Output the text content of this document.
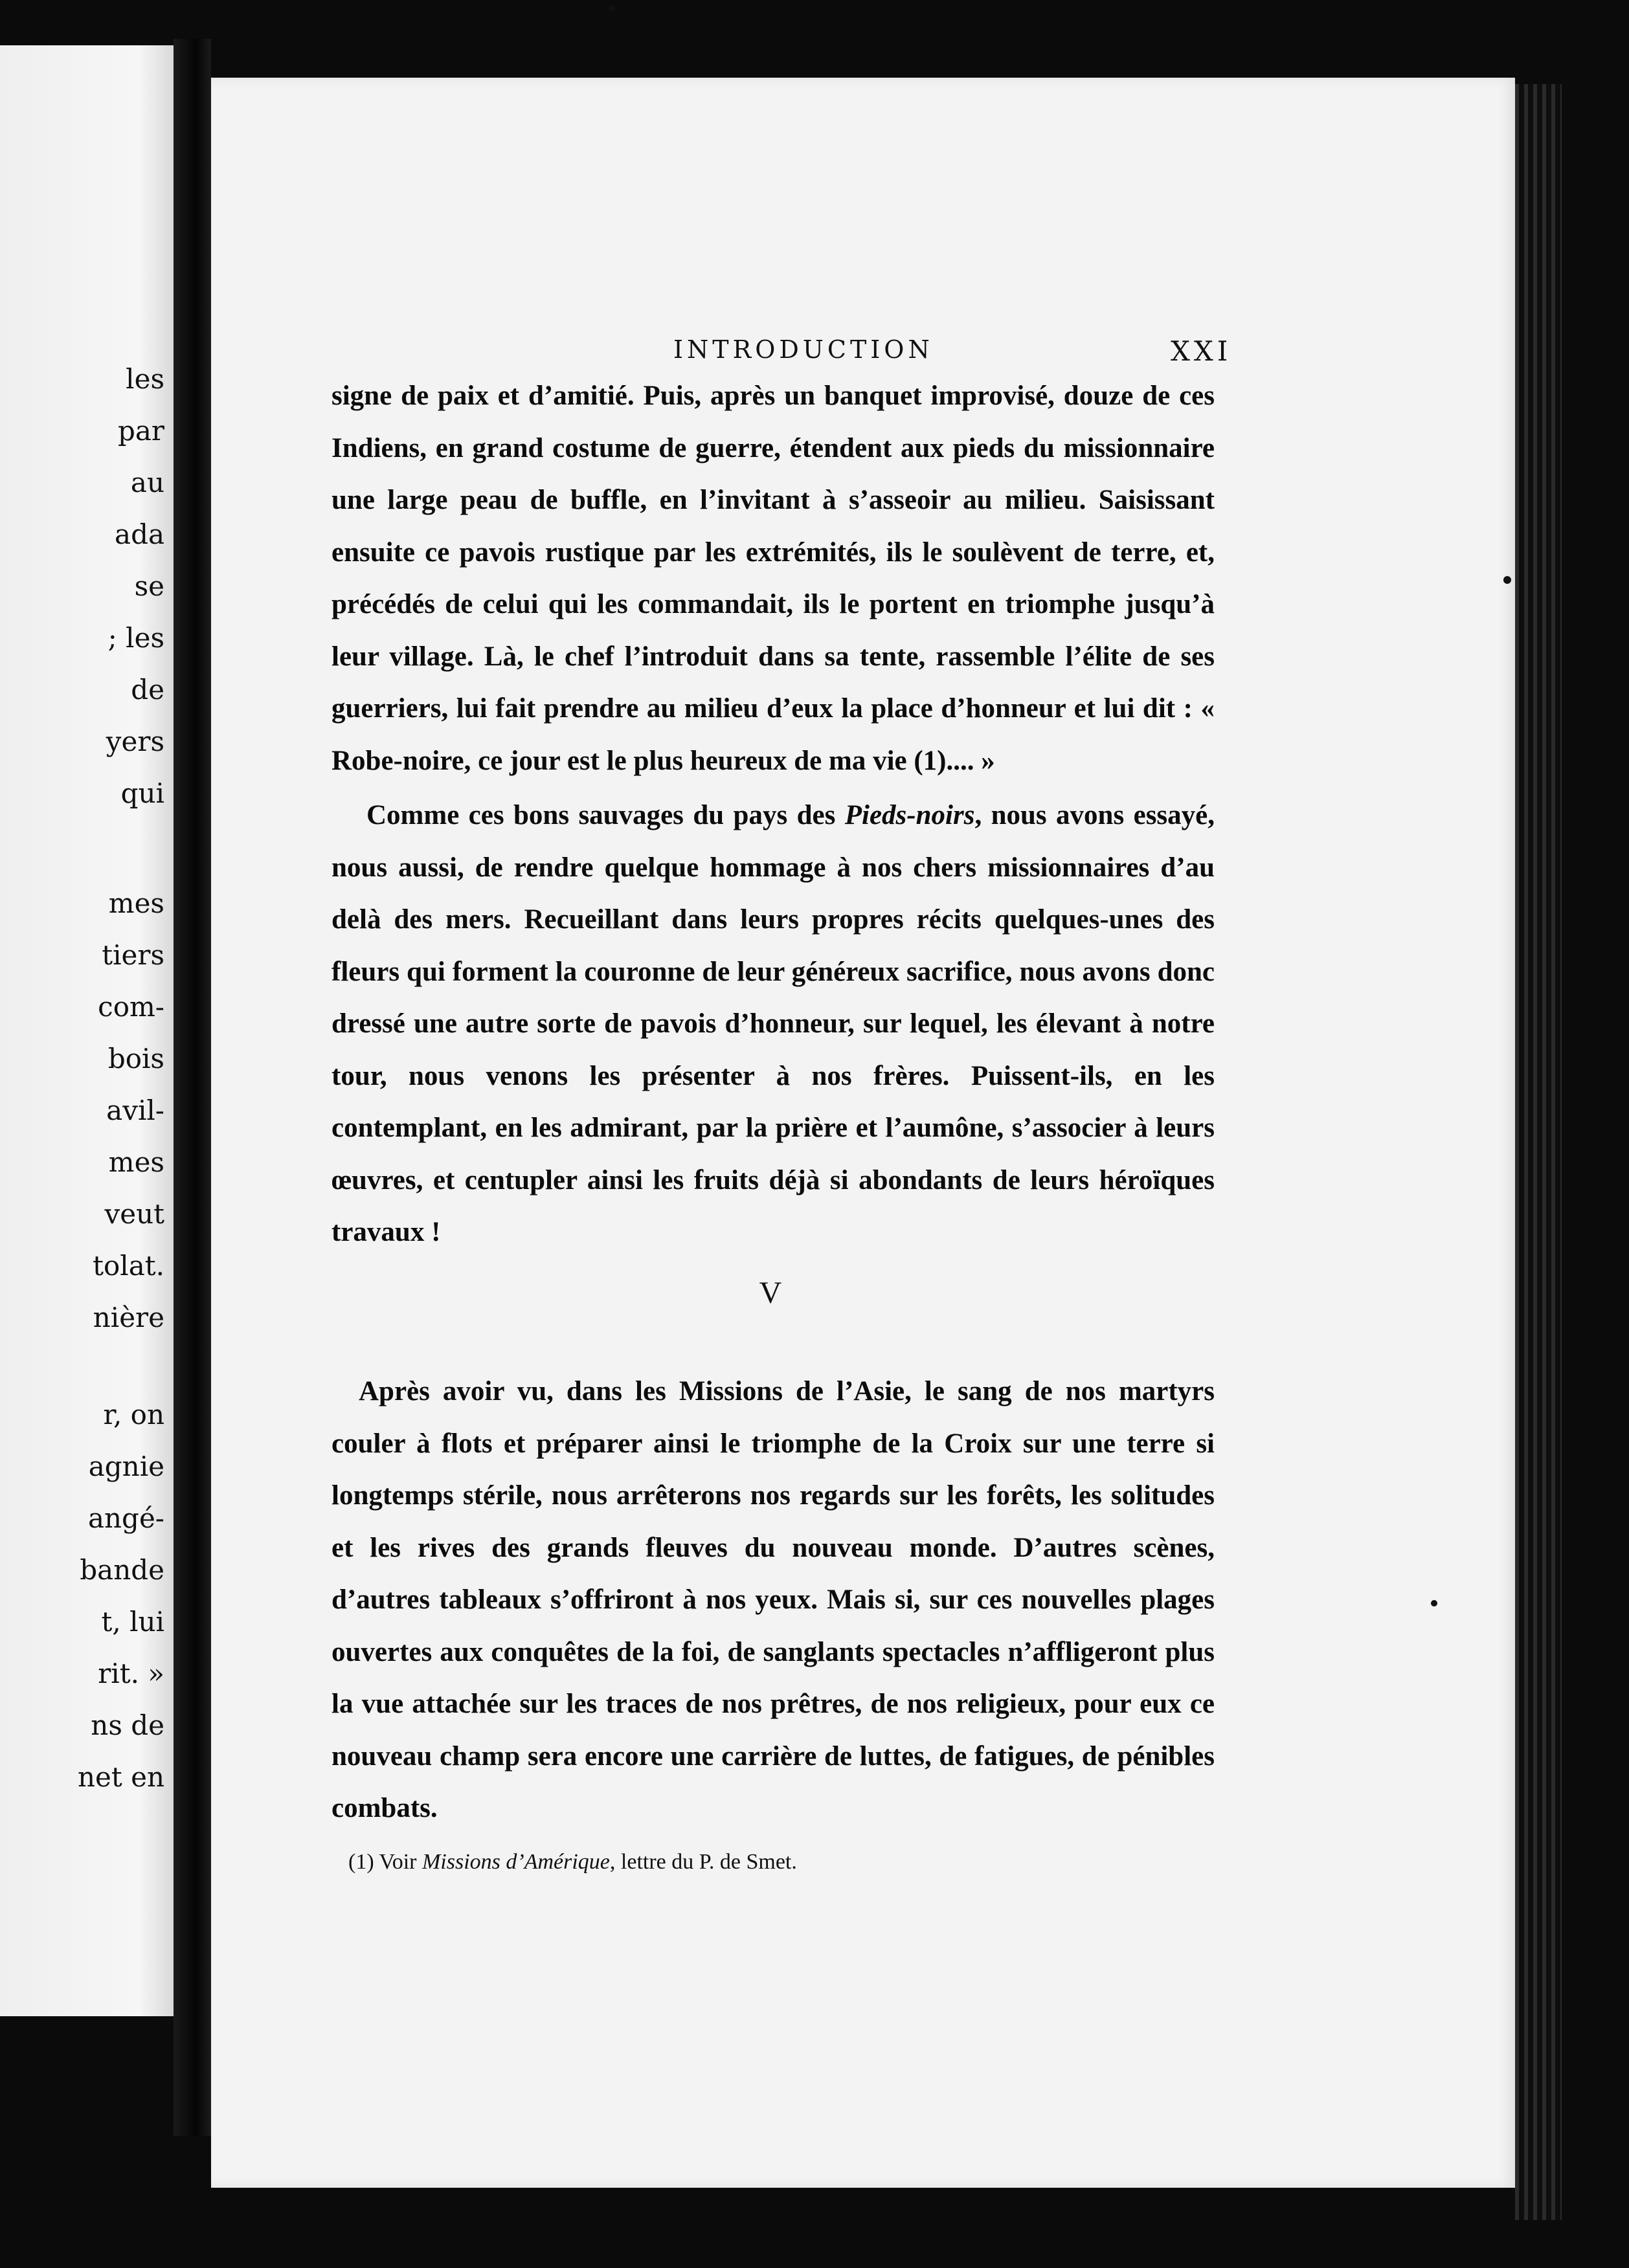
les
par
au
ada
se
; les
de
yers
qui
mes
tiers
com-
bois
avil-
mes
veut
tolat.
nière
r, on
agnie
angé-
bande
t, lui
rit. »
ns de
net en
INTRODUCTION	XXI

signe de paix et d’amitié. Puis, après un banquet improvisé, douze de ces Indiens, en grand costume de guerre, étendent aux pieds du missionnaire une large peau de buffle, en l’invitant à s’asseoir au milieu. Saisissant ensuite ce pavois rustique par les extrémités, ils le soulèvent de terre, et, précédés de celui qui les commandait, ils le portent en triomphe jusqu’à leur village. Là, le chef l’introduit dans sa tente, rassemble l’élite de ses guerriers, lui fait prendre au milieu d’eux la place d’honneur et lui dit : « Robe-noire, ce jour est le plus heureux de ma vie (1).... »

Comme ces bons sauvages du pays des Pieds-noirs, nous avons essayé, nous aussi, de rendre quelque hommage à nos chers missionnaires d’au delà des mers. Recueillant dans leurs propres récits quelques-unes des fleurs qui forment la couronne de leur généreux sacrifice, nous avons donc dressé une autre sorte de pavois d’honneur, sur lequel, les élevant à notre tour, nous venons les présenter à nos frères. Puissent-ils, en les contemplant, en les admirant, par la prière et l’aumône, s’associer à leurs œuvres, et centupler ainsi les fruits déjà si abondants de leurs héroïques travaux !

V

Après avoir vu, dans les Missions de l’Asie, le sang de nos martyrs couler à flots et préparer ainsi le triomphe de la Croix sur une terre si longtemps stérile, nous arrêterons nos regards sur les forêts, les solitudes et les rives des grands fleuves du nouveau monde. D’autres scènes, d’autres tableaux s’offriront à nos yeux. Mais si, sur ces nouvelles plages ouvertes aux conquêtes de la foi, de sanglants spectacles n’affligeront plus la vue attachée sur les traces de nos prêtres, de nos religieux, pour eux ce nouveau champ sera encore une carrière de luttes, de fatigues, de pénibles combats.

(1) Voir Missions d’Amérique, lettre du P. de Smet.
